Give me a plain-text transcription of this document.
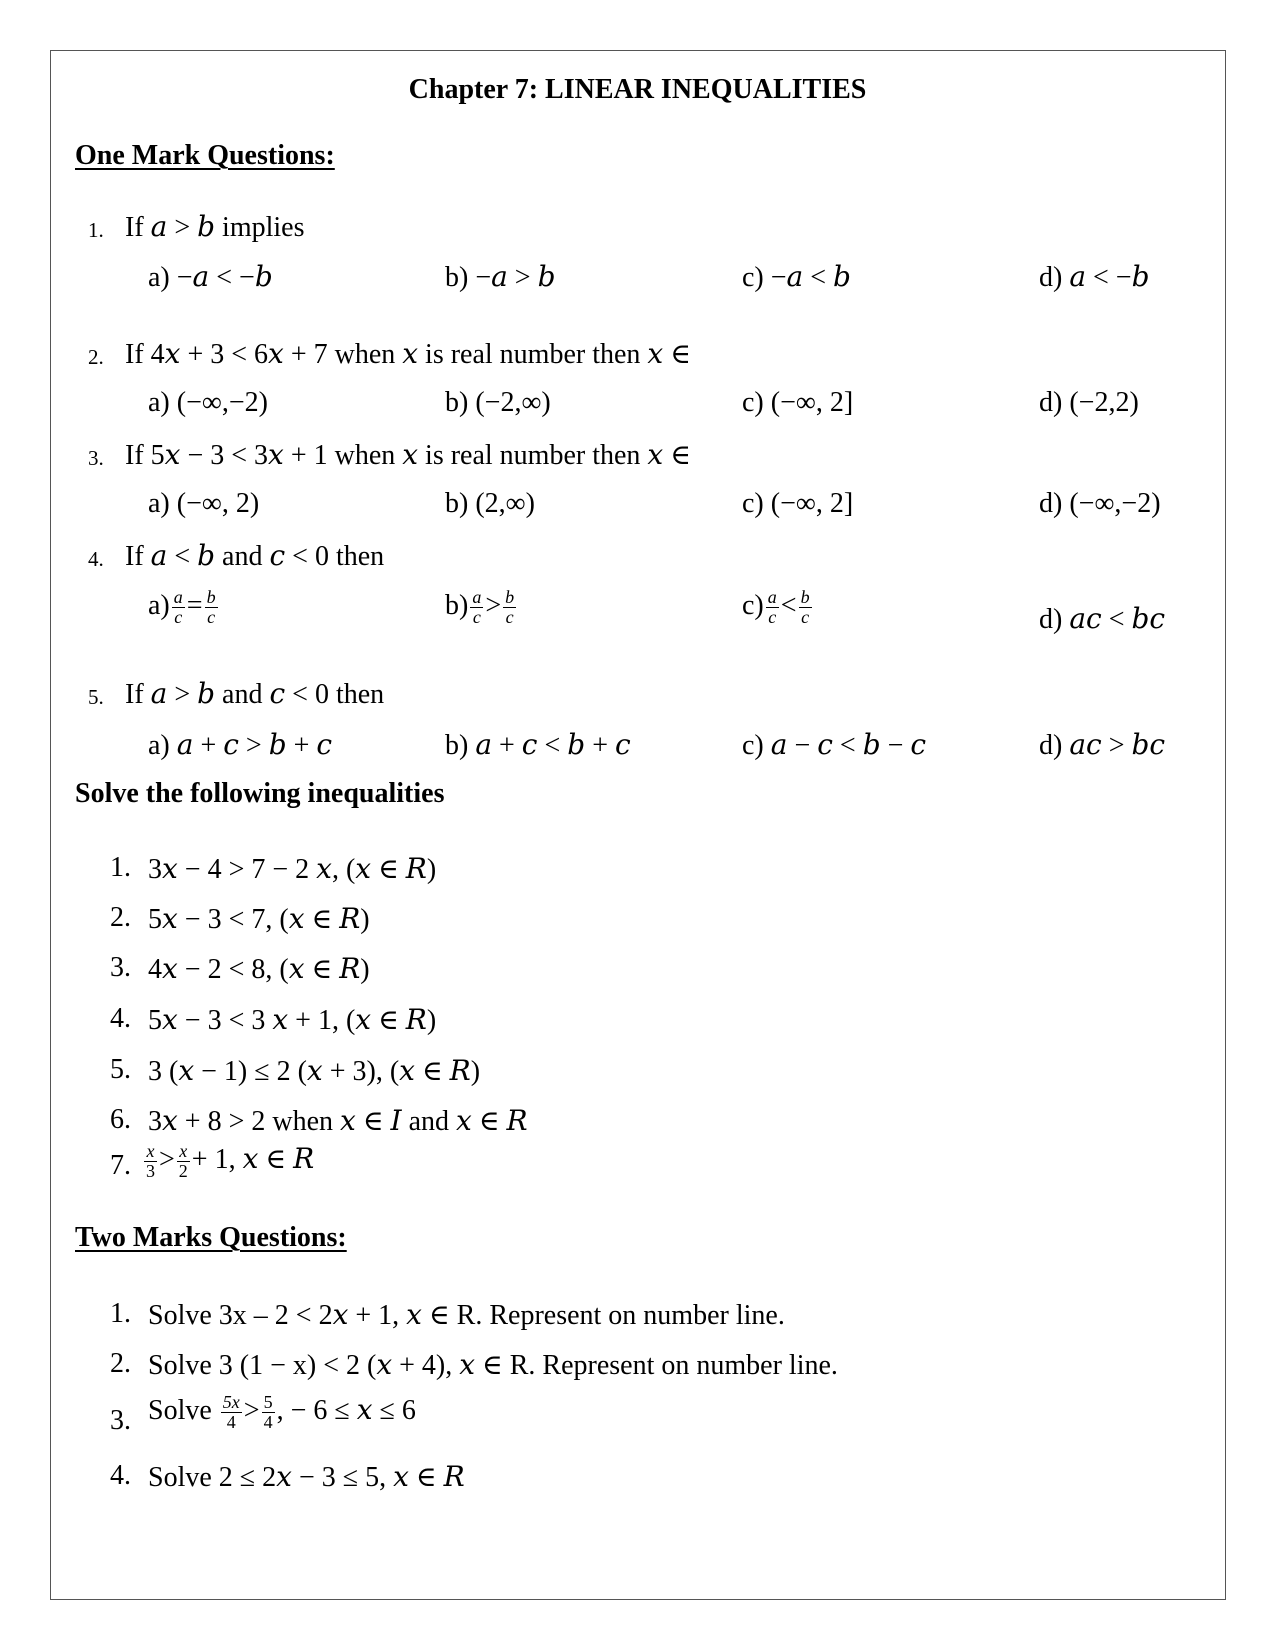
Chapter 7: LINEAR INEQUALITIES
One Mark Questions:
1. If 𝑎 > 𝑏 implies
a) −𝑎 < −𝑏	b) −𝑎 > 𝑏	c) −𝑎 < 𝑏	d) 𝑎 < −𝑏
2. If 4𝑥 + 3 < 6𝑥 + 7 when 𝑥 is real number then 𝑥 ∈
a) (−∞,−2)	b) (−2,∞)	c) (−∞, 2]	d) (−2,2)
3. If 5𝑥 − 3 < 3𝑥 + 1 when 𝑥 is real number then 𝑥 ∈
a) (−∞, 2)	b) (2,∞)	c) (−∞, 2]	d) (−∞,−2)
4. If 𝑎 < 𝑏 and 𝑐 < 0 then
$a) \frac{a}{c} = \frac{b}{c}$	$b) \frac{a}{c} > \frac{b}{c}$	$c) \frac{a}{c} < \frac{b}{c}$	d) 𝑎𝑐 < 𝑏𝑐
5. If 𝑎 > 𝑏 and 𝑐 < 0 then
a) 𝑎 + 𝑐 > 𝑏 + 𝑐	b) 𝑎 + 𝑐 < 𝑏 + 𝑐	c) 𝑎 − 𝑐 < 𝑏 − 𝑐	d) 𝑎𝑐 > 𝑏𝑐
Solve the following inequalities
1. 3𝑥 − 4 > 7 − 2 𝑥, (𝑥 ∈ 𝑅)
2. 5𝑥 − 3 < 7, (𝑥 ∈ 𝑅)
3. 4𝑥 − 2 < 8, (𝑥 ∈ 𝑅)
4. 5𝑥 − 3 < 3 𝑥 + 1, (𝑥 ∈ 𝑅)
5. 3 (𝑥 − 1) ≤ 2 (𝑥 + 3), (𝑥 ∈ 𝑅)
6. 3𝑥 + 8 > 2 when 𝑥 ∈ 𝐼 and 𝑥 ∈ 𝑅
7. $\frac{x}{3} > \frac{x}{2} + 1$, 𝑥 ∈ 𝑅
Two Marks Questions:
1. Solve 3x – 2 < 2𝑥 + 1, 𝑥 ∈ R. Represent on number line.
2. Solve 3 (1 − x) < 2 (𝑥 + 4), 𝑥 ∈ R. Represent on number line.
3. Solve $\frac{5x}{4} > \frac{5}{4}$ , − 6 ≤ 𝑥 ≤ 6
4. Solve 2 ≤ 2𝑥 − 3 ≤ 5, 𝑥 ∈ 𝑅
